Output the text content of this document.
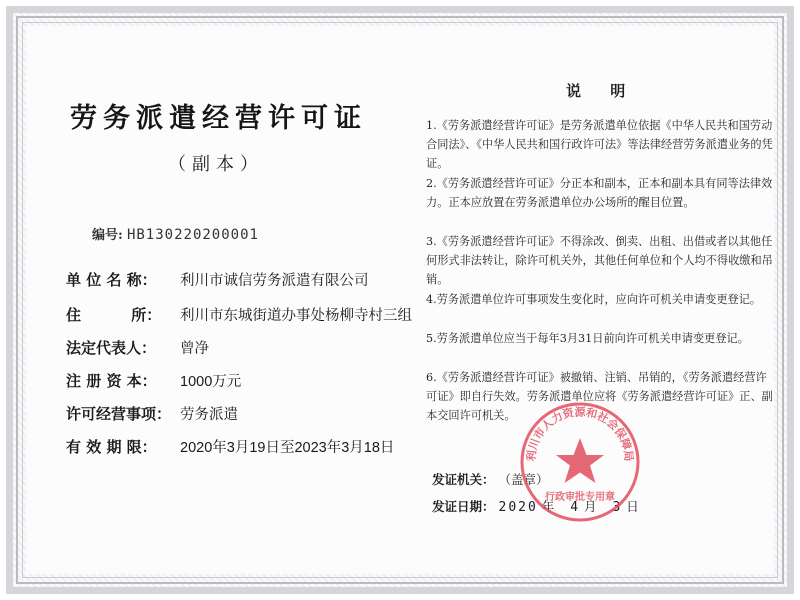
劳务派遣经营许可证
（副本）
编号: HB130220200001
单 位 名 称：	利川市诚信劳务派遣有限公司
住　　　 所：	利川市东城街道办事处杨柳寺村三组
法定代表人：	曾净
注 册 资 本：	1000万元
许可经营事项： 劳务派遣
有 效 期 限：	2020年3月19日至2023年3月18日
说 明
1.《劳务派遣经营许可证》是劳务派遣单位依据《中华人民共和国劳动合同法》、《中华人民共和国行政许可法》等法律经营劳务派遣业务的凭证。
2.《劳务派遣经营许可证》分正本和副本，正本和副本具有同等法律效力。正本应放置在劳务派遣单位办公场所的醒目位置。
3.《劳务派遣经营许可证》不得涂改、倒卖、出租、出借或者以其他任何形式非法转让，除许可机关外，其他任何单位和个人均不得收缴和吊销。
4.劳务派遣单位许可事项发生变化时，应向许可机关申请变更登记。
5.劳务派遣单位应当于每年3月31日前向许可机关申请变更登记。
6.《劳务派遣经营许可证》被撤销、注销、吊销的，《劳务派遣经营许可证》即自行失效。劳务派遣单位应将《劳务派遣经营许可证》正、副本交回许可机关。
发证机关： （盖章）
发证日期： 2020 年 4 月 3 日
利川市人力资源和社会保障局
行政审批专用章
